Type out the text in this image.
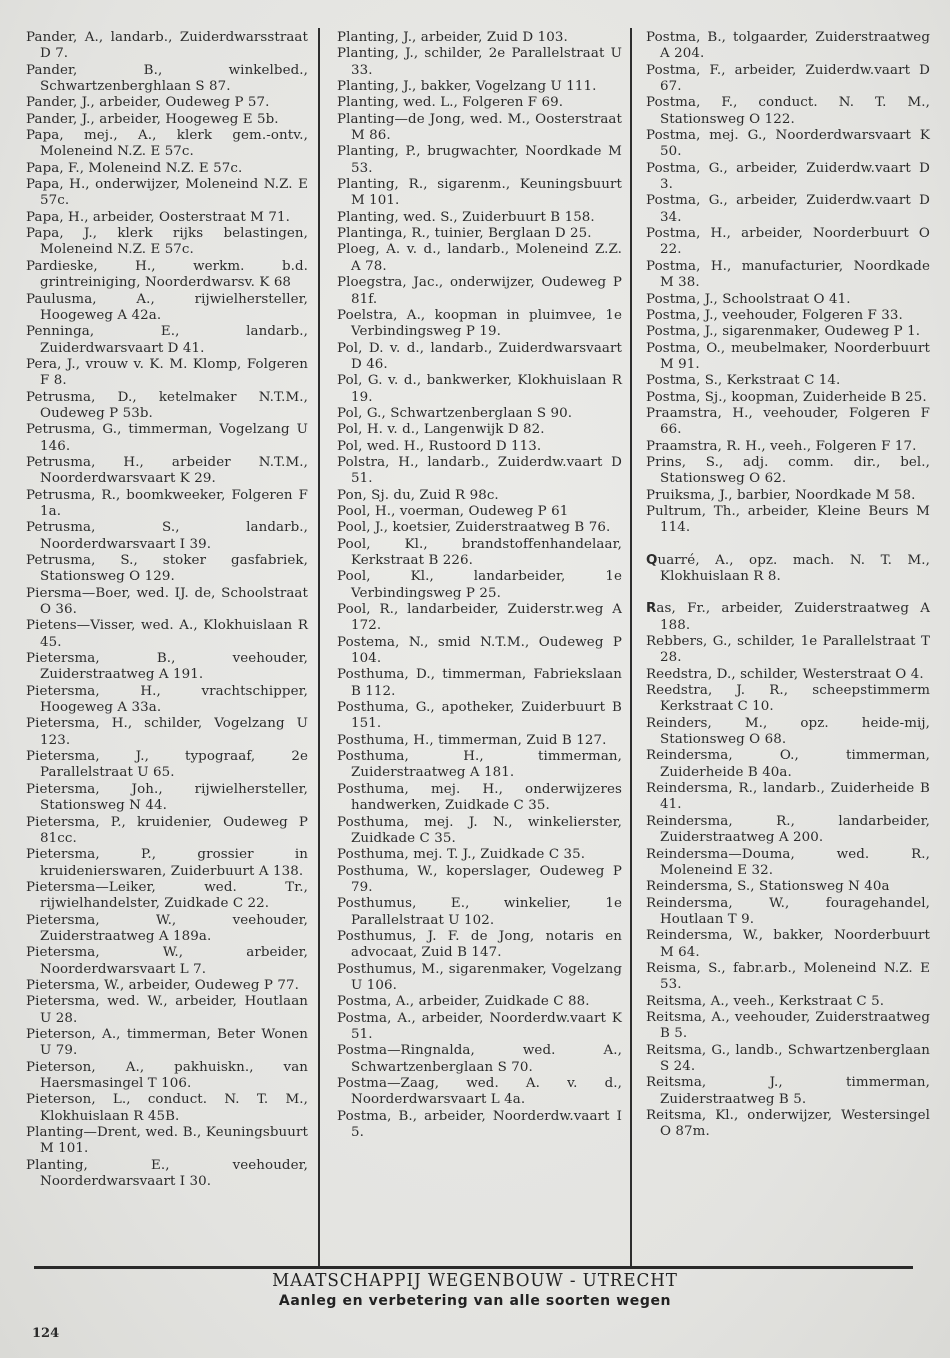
Pander, A., landarb., Zuiderdwarsstraat D 7.

Pander, B., winkelbed., Schwartzenberghlaan S 87.

Pander, J., arbeider, Oudeweg P 57.

Pander, J., arbeider, Hoogeweg E 5b.

Papa, mej., A., klerk gem.-ontv., Moleneind N.Z. E 57c.

Papa, F., Moleneind N.Z. E 57c.

Papa, H., onderwijzer, Moleneind N.Z. E 57c.

Papa, H., arbeider, Oosterstraat M 71.

Papa, J., klerk rijks belastingen, Moleneind N.Z. E 57c.

Pardieske, H., werkm. b.d. grintreiniging, Noorderdwarsv. K 68

Paulusma, A., rijwielhersteller, Hoogeweg A 42a.

Penninga, E., landarb., Zuiderdwarsvaart D 41.

Pera, J., vrouw v. K. M. Klomp, Folgeren F 8.

Petrusma, D., ketelmaker N.T.M., Oudeweg P 53b.

Petrusma, G., timmerman, Vogelzang U 146.

Petrusma, H., arbeider N.T.M., Noorderdwarsvaart K 29.

Petrusma, R., boomkweeker, Folgeren F 1a.

Petrusma, S., landarb., Noorderdwarsvaart I 39.

Petrusma, S., stoker gasfabriek, Stationsweg O 129.

Piersma—Boer, wed. IJ. de, Schoolstraat O 36.

Pietens—Visser, wed. A., Klokhuislaan R 45.

Pietersma, B., veehouder, Zuiderstraatweg A 191.

Pietersma, H., vrachtschipper, Hoogeweg A 33a.

Pietersma, H., schilder, Vogelzang U 123.

Pietersma, J., typograaf, 2e Parallelstraat U 65.

Pietersma, Joh., rijwielhersteller, Stationsweg N 44.

Pietersma, P., kruidenier, Oudeweg P 81cc.

Pietersma, P., grossier in kruidenierswaren, Zuiderbuurt A 138.

Pietersma—Leiker, wed. Tr., rijwielhandelster, Zuidkade C 22.

Pietersma, W., veehouder, Zuiderstraatweg A 189a.

Pietersma, W., arbeider, Noorderdwarsvaart L 7.

Pietersma, W., arbeider, Oudeweg P 77.

Pietersma, wed. W., arbeider, Houtlaan U 28.

Pieterson, A., timmerman, Beter Wonen U 79.

Pieterson, A., pakhuiskn., van Haersmasingel T 106.

Pieterson, L., conduct. N. T. M., Klokhuislaan R 45B.

Planting—Drent, wed. B., Keuningsbuurt M 101.

Planting, E., veehouder, Noorderdwarsvaart I 30.

Planting, J., arbeider, Zuid D 103.

Planting, J., schilder, 2e Parallelstraat U 33.

Planting, J., bakker, Vogelzang U 111.

Planting, wed. L., Folgeren F 69.

Planting—de Jong, wed. M., Oosterstraat M 86.

Planting, P., brugwachter, Noordkade M 53.

Planting, R., sigarenm., Keuningsbuurt M 101.

Planting, wed. S., Zuiderbuurt B 158.

Plantinga, R., tuinier, Berglaan D 25.

Ploeg, A. v. d., landarb., Moleneind Z.Z. A 78.

Ploegstra, Jac., onderwijzer, Oudeweg P 81f.

Poelstra, A., koopman in pluimvee, 1e Verbindingsweg P 19.

Pol, D. v. d., landarb., Zuiderdwarsvaart D 46.

Pol, G. v. d., bankwerker, Klokhuislaan R 19.

Pol, G., Schwartzenberglaan S 90.

Pol, H. v. d., Langenwijk D 82.

Pol, wed. H., Rustoord D 113.

Polstra, H., landarb., Zuiderdw.vaart D 51.

Pon, Sj. du, Zuid R 98c.

Pool, H., voerman, Oudeweg P 61

Pool, J., koetsier, Zuiderstraatweg B 76.

Pool, Kl., brandstoffenhandelaar, Kerkstraat B 226.

Pool, Kl., landarbeider, 1e Verbindingsweg P 25.

Pool, R., landarbeider, Zuiderstr.weg A 172.

Postema, N., smid N.T.M., Oudeweg P 104.

Posthuma, D., timmerman, Fabriekslaan B 112.

Posthuma, G., apotheker, Zuiderbuurt B 151.

Posthuma, H., timmerman, Zuid B 127.

Posthuma, H., timmerman, Zuiderstraatweg A 181.

Posthuma, mej. H., onderwijzeres handwerken, Zuidkade C 35.

Posthuma, mej. J. N., winkelierster, Zuidkade C 35.

Posthuma, mej. T. J., Zuidkade C 35.

Posthuma, W., koperslager, Oudeweg P 79.

Posthumus, E., winkelier, 1e Parallelstraat U 102.

Posthumus, J. F. de Jong, notaris en advocaat, Zuid B 147.

Posthumus, M., sigarenmaker, Vogelzang U 106.

Postma, A., arbeider, Zuidkade C 88.

Postma, A., arbeider, Noorderdw.vaart K 51.

Postma—Ringnalda, wed. A., Schwartzenberglaan S 70.

Postma—Zaag, wed. A. v. d., Noorderdwarsvaart L 4a.

Postma, B., arbeider, Noorderdw.vaart I 5.

Postma, B., tolgaarder, Zuiderstraatweg A 204.

Postma, F., arbeider, Zuiderdw.vaart D 67.

Postma, F., conduct. N. T. M., Stationsweg O 122.

Postma, mej. G., Noorderdwarsvaart K 50.

Postma, G., arbeider, Zuiderdw.vaart D 3.

Postma, G., arbeider, Zuiderdw.vaart D 34.

Postma, H., arbeider, Noorderbuurt O 22.

Postma, H., manufacturier, Noordkade M 38.

Postma, J., Schoolstraat O 41.

Postma, J., veehouder, Folgeren F 33.

Postma, J., sigarenmaker, Oudeweg P 1.

Postma, O., meubelmaker, Noorderbuurt M 91.

Postma, S., Kerkstraat C 14.

Postma, Sj., koopman, Zuiderheide B 25.

Praamstra, H., veehouder, Folgeren F 66.

Praamstra, R. H., veeh., Folgeren F 17.

Prins, S., adj. comm. dir., bel., Stationsweg O 62.

Pruiksma, J., barbier, Noordkade M 58.

Pultrum, Th., arbeider, Kleine Beurs M 114.

Quarré, A., opz. mach. N. T. M., Klokhuislaan R 8.

Ras, Fr., arbeider, Zuiderstraatweg A 188.

Rebbers, G., schilder, 1e Parallelstraat T 28.

Reedstra, D., schilder, Westerstraat O 4.

Reedstra, J. R., scheepstimmerm Kerkstraat C 10.

Reinders, M., opz. heide-mij, Stationsweg O 68.

Reindersma, O., timmerman, Zuiderheide B 40a.

Reindersma, R., landarb., Zuiderheide B 41.

Reindersma, R., landarbeider, Zuiderstraatweg A 200.

Reindersma—Douma, wed. R., Moleneind E 32.

Reindersma, S., Stationsweg N 40a

Reindersma, W., fouragehandel, Houtlaan T 9.

Reindersma, W., bakker, Noorderbuurt M 64.

Reisma, S., fabr.arb., Moleneind N.Z. E 53.

Reitsma, A., veeh., Kerkstraat C 5.

Reitsma, A., veehouder, Zuiderstraatweg B 5.

Reitsma, G., landb., Schwartzenberglaan S 24.

Reitsma, J., timmerman, Zuiderstraatweg B 5.

Reitsma, Kl., onderwijzer, Westersingel O 87m.

MAATSCHAPPIJ WEGENBOUW - UTRECHT
Aanleg en verbetering van alle soorten wegen
124
